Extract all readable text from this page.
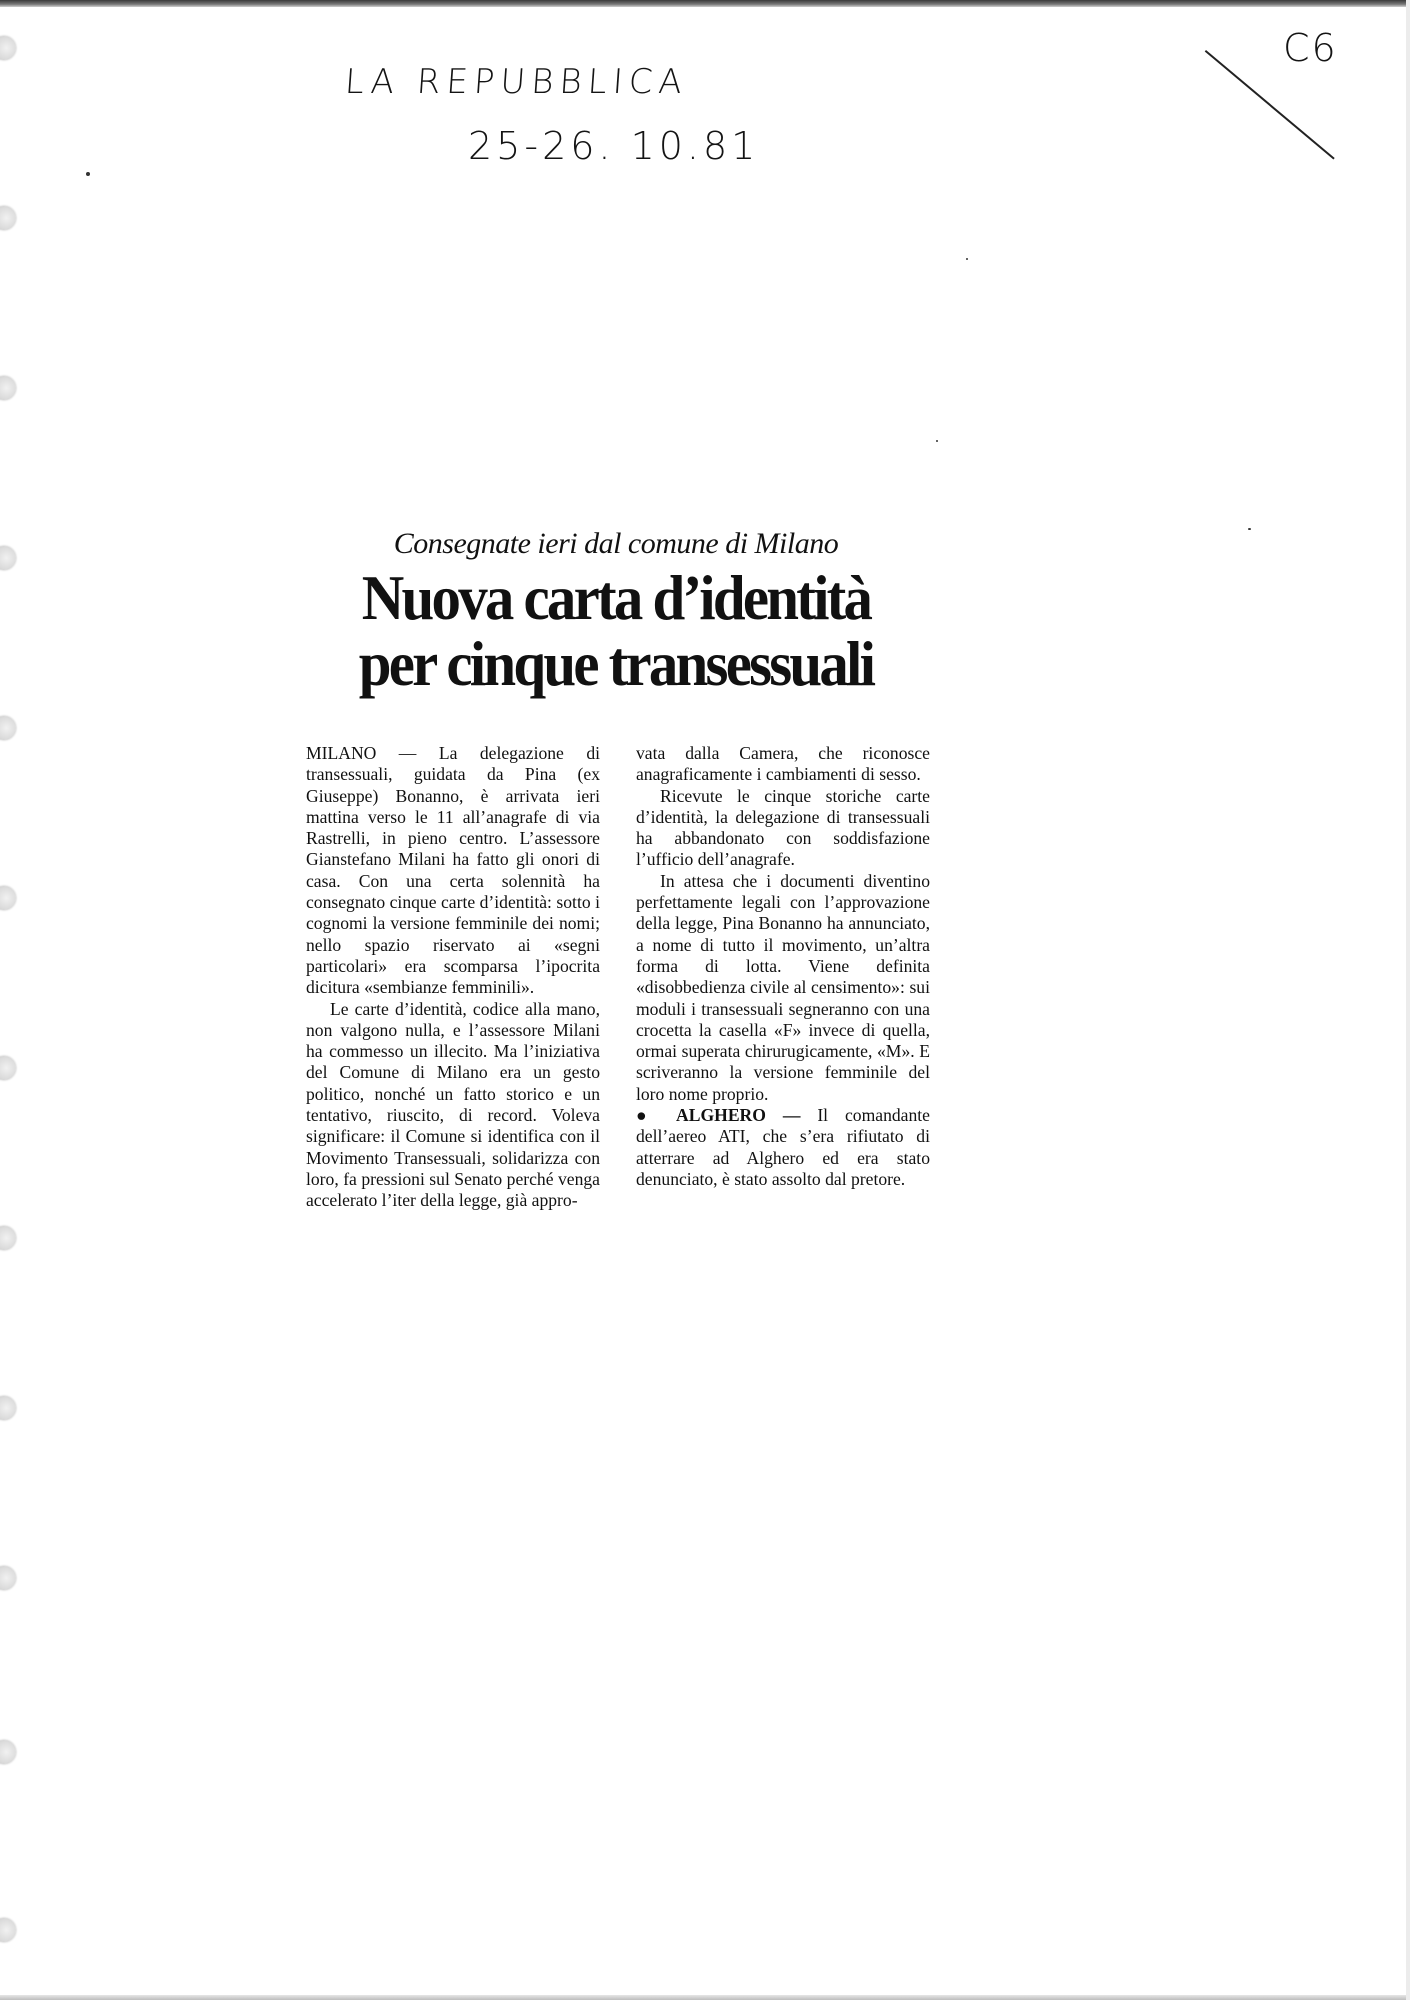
LA REPUBBLICA
25-26. 10.81
C6
Consegnate ieri dal comune di Milano
Nuova carta d’identità
per cinque transessuali

MILANO — La delegazione di transessuali, guidata da Pina (ex Giuseppe) Bonanno, è arrivata ieri mattina verso le 11 all’anagrafe di via Rastrelli, in pieno centro. L’assessore Gianstefano Milani ha fatto gli onori di casa. Con una certa solennità ha consegnato cinque carte d’identità: sotto i cognomi la versione femminile dei nomi; nello spazio riservato ai «segni particolari» era scomparsa l’ipocrita dicitura «sembianze femminili».

Le carte d’identità, codice alla mano, non valgono nulla, e l’assessore Milani ha commesso un illecito. Ma l’iniziativa del Comune di Milano era un gesto politico, nonché un fatto storico e un tentativo, riuscito, di record. Voleva significare: il Comune si identifica con il Movimento Transessuali, solidarizza con loro, fa pressioni sul Senato perché venga accelerato l’iter della legge, già appro-

vata dalla Camera, che riconosce anagraficamente i cambiamenti di sesso.

Ricevute le cinque storiche carte d’identità, la delegazione di transessuali ha abbandonato con soddisfazione l’ufficio dell’anagrafe.

In attesa che i documenti diventino perfettamente legali con l’approvazione della legge, Pina Bonanno ha annunciato, a nome di tutto il movimento, un’altra forma di lotta. Viene definita «disobbedienza civile al censimento»: sui moduli i transessuali segneranno con una crocetta la casella «F» invece di quella, ormai superata chirurugicamente, «M». E scriveranno la versione femminile del loro nome proprio.

● ALGHERO — Il comandante dell’aereo ATI, che s’era rifiutato di atterrare ad Alghero ed era stato denunciato, è stato assolto dal pretore.
